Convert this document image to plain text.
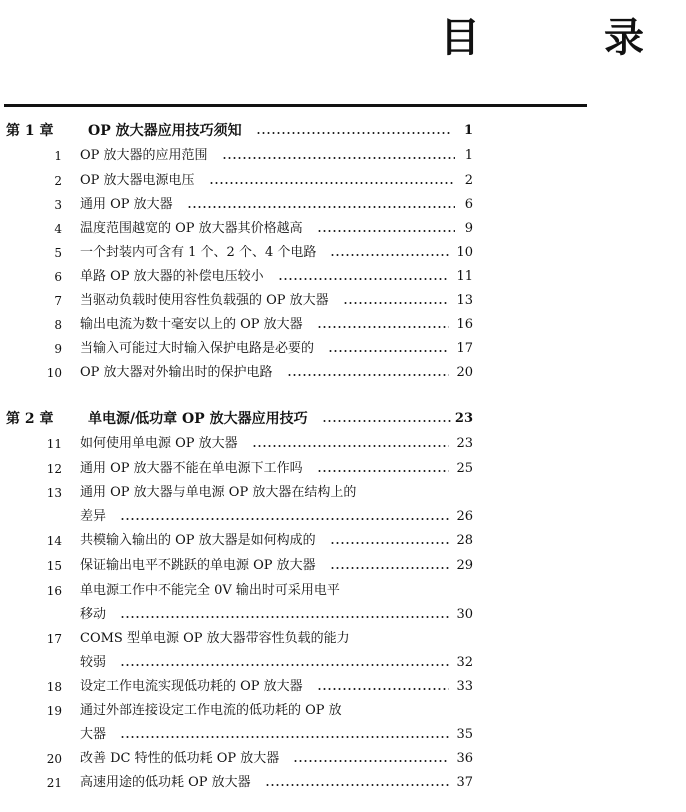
目　录
第 1 章 OP 放大器应用技巧须知	1
1 OP 放大器的应用范围	1
2 OP 放大器电源电压	2
3 通用 OP 放大器	6
4 温度范围越宽的 OP 放大器其价格越高	9
5 一个封装内可含有 1 个、2 个、4 个电路	10
6 单路 OP 放大器的补偿电压较小	11
7 当驱动负载时使用容性负载强的 OP 放大器	13
8 输出电流为数十毫安以上的 OP 放大器	16
9 当输入可能过大时输入保护电路是必要的	17
10 OP 放大器对外输出时的保护电路	20
第 2 章 单电源/低功章 OP 放大器应用技巧	23
11 如何使用单电源 OP 放大器	23
12 通用 OP 放大器不能在单电源下工作吗	25
13 通用 OP 放大器与单电源 OP 放大器在结构上的
差异	26
14 共模输入输出的 OP 放大器是如何构成的	28
15 保证输出电平不跳跃的单电源 OP 放大器	29
16 单电源工作中不能完全 0V 输出时可采用电平
移动	30
17 COMS 型单电源 OP 放大器带容性负载的能力
较弱	32
18 设定工作电流实现低功耗的 OP 放大器	33
19 通过外部连接设定工作电流的低功耗的 OP 放
大器	35
20 改善 DC 特性的低功耗 OP 放大器	36
21 高速用途的低功耗 OP 放大器	37
